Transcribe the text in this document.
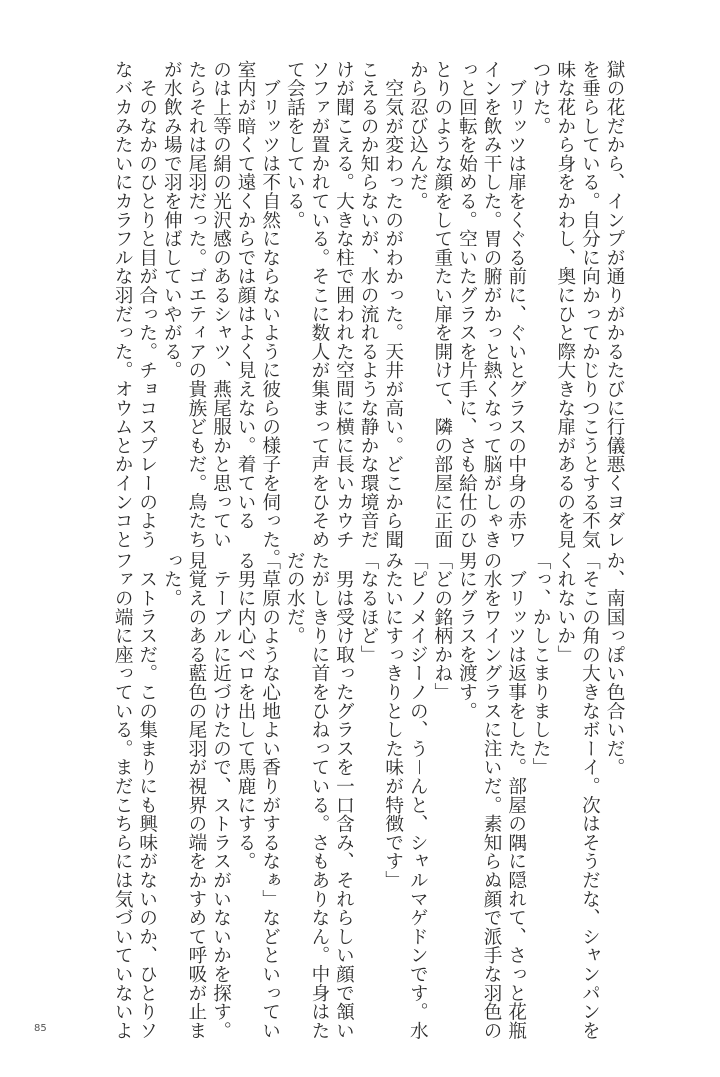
獄の花だから、インプが通りがかるたびに行儀悪くヨダレ
を垂らしている。自分に向かってかじりつこうとする不気
味な花から身をかわし、奥にひと際大きな扉があるのを見
つけた。
　ブリッツは扉をくぐる前に、ぐいとグラスの中身の赤ワ
インを飲み干した。胃の腑がかっと熱くなって脳がしゃき
っと回転を始める。空いたグラスを片手に、さも給仕のひ
とりのような顔をして重たい扉を開けて、隣の部屋に正面
から忍び込んだ。
　空気が変わったのがわかった。天井が高い。どこから聞
こえるのか知らないが、水の流れるような静かな環境音だ
けが聞こえる。大きな柱で囲われた空間に横に長いカウチ
ソファが置かれている。そこに数人が集まって声をひそめ
て会話をしている。
　ブリッツは不自然にならないように彼らの様子を伺った。
室内が暗くて遠くからでは顔はよく見えない。着ている
のは上等の絹の光沢感のあるシャツ、燕尾服かと思ってい
たらそれは尾羽だった。ゴエティアの貴族どもだ。鳥たち
が水飲み場で羽を伸ばしていやがる。
　そのなかのひとりと目が合った。チョコスプレーのよう
なバカみたいにカラフルな羽だった。オウムとかインコと
か、南国っぽい色合いだ。
「そこの角の大きなボーイ。次はそうだな、シャンパンを
くれないか」
「っ、かしこまりました」
　ブリッツは返事をした。部屋の隅に隠れて、さっと花瓶
の水をワイングラスに注いだ。素知らぬ顔で派手な羽色の
男にグラスを渡す。
「どの銘柄かね」
「ピノメイジーノの、う－んと、シャルマゲドンです。水
みたいにすっきりとした味が特徴です」
「なるほど」
　男は受け取ったグラスを一口含み、それらしい顔で頷い
たがしきりに首をひねっている。さもありなん。中身はた
だの水だ。
「草原のような心地よい香りがするなぁ」などといってい
る男に内心ベロを出して馬鹿にする。
　テーブルに近づけたので、ストラスがいないかを探す。
見覚えのある藍色の尾羽が視界の端をかすめて呼吸が止ま
った。
　ストラスだ。この集まりにも興味がないのか、ひとりソ
ファの端に座っている。まだこちらには気づいていないよ
85
